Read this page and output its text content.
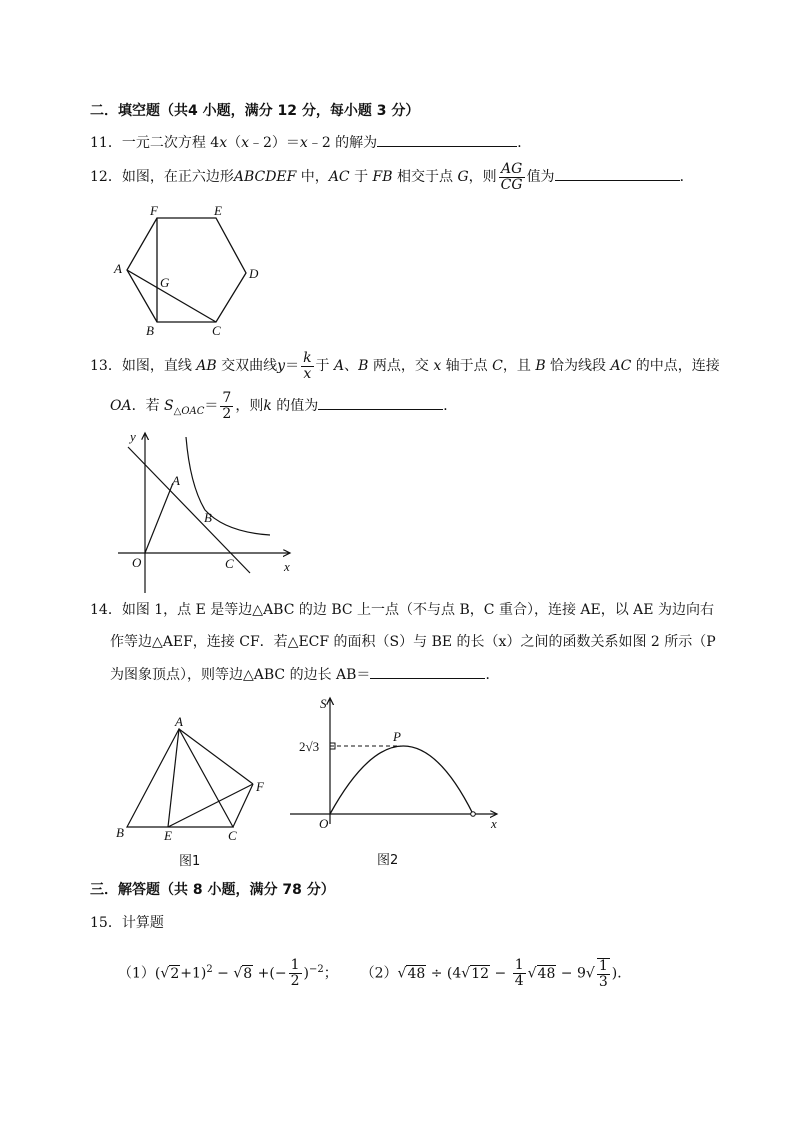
二．填空题（共4 小题，满分 12 分，每小题 3 分）
11．一元二次方程 4x（x﹣2）＝x﹣2 的解为	．
12．如图，在正六边形ABCDEF 中，AC 于 FB 相交于点 G，则 $\frac{AG}{CG}$ 值为	．
F	E
D
A
G
B	C
13．如图，直线 AB 交双曲线$y= \frac{k}{x}$ 于 A、B 两点，交 x 轴于点 C，且 B 恰为线段 AC 的中点，连接
OA．若 $S_{\triangle OAC}= \frac{7}{2}$ ，则k 的值为	．
y
x
O
A
B
C
14．如图 1，点 E 是等边△ABC 的边 BC 上一点（不与点 B，C 重合），连接 AE，以 AE 为边向右
作等边△AEF，连接 CF．若△ECF 的面积（S）与 BE 的长（x）之间的函数关系如图 2 所示（P
为图象顶点），则等边△ABC 的边长 AB＝	．
A
B	E	C
F
图1
S
x
O
P
2√3
图2
三．解答题（共 8 小题，满分 78 分）
15．计算题
$(1)(√2+1)^2 - √8$ +(− $\frac{1}{2} )^{-2}$； $(2)√48 \div (4√12 - \frac{1}{4} √48 - 9√ \frac{1}{3}$ )．
